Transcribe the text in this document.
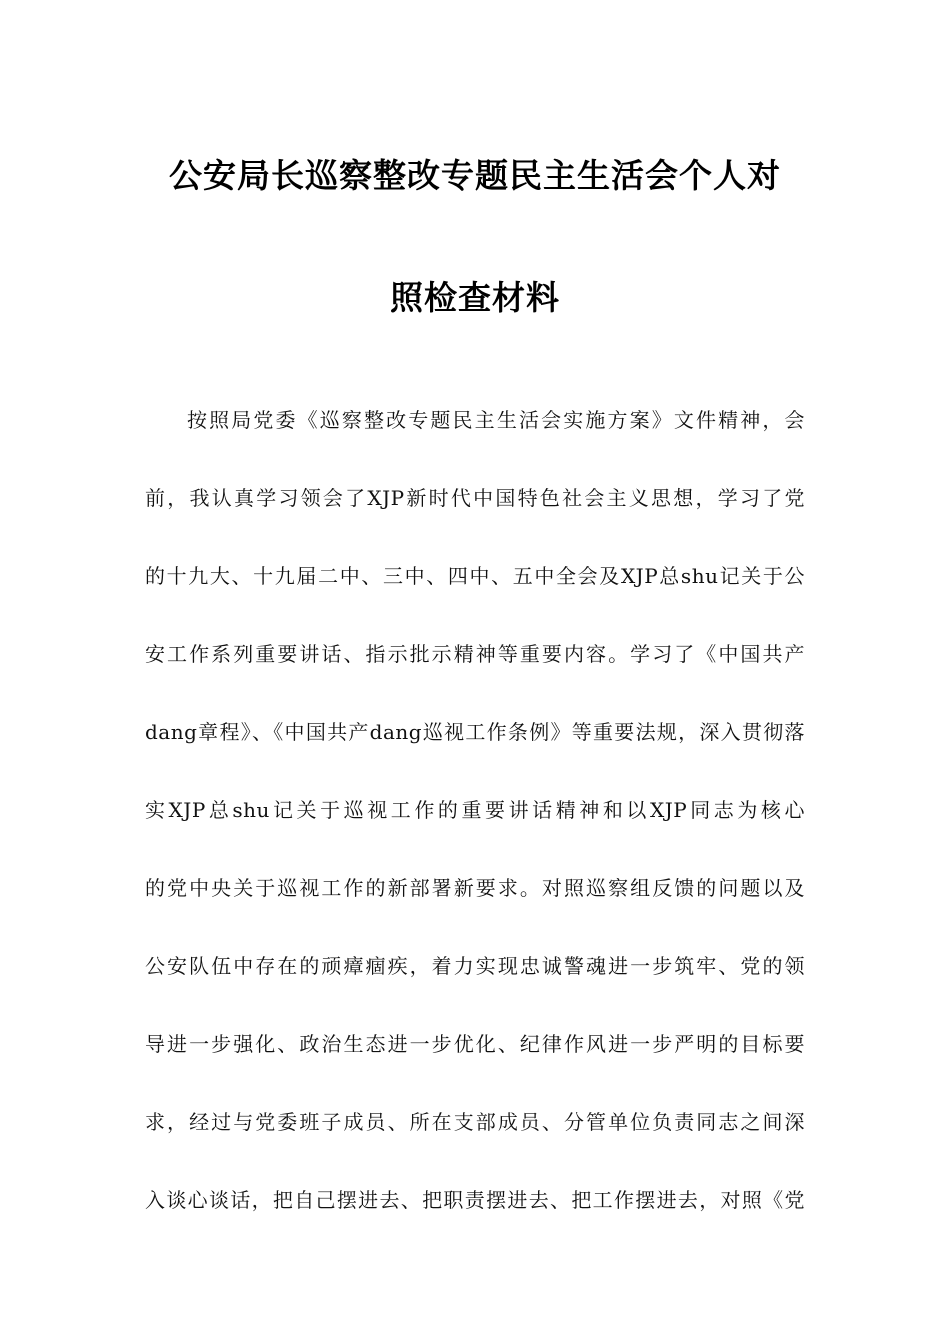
公安局长巡察整改专题民主生活会个人对
照检查材料
按照局党委《巡察整改专题民主生活会实施方案》文件精神，会
前，我认真学习领会了XJP新时代中国特色社会主义思想，学习了党
的十九大、十九届二中、三中、四中、五中全会及XJP总shu记关于公
安工作系列重要讲话、指示批示精神等重要内容。学习了《中国共产
dang章程》、《中国共产dang巡视工作条例》等重要法规，深入贯彻落
实XJP总shu记关于巡视工作的重要讲话精神和以XJP同志为核心
的党中央关于巡视工作的新部署新要求。对照巡察组反馈的问题以及
公安队伍中存在的顽瘴痼疾，着力实现忠诚警魂进一步筑牢、党的领
导进一步强化、政治生态进一步优化、纪律作风进一步严明的目标要
求，经过与党委班子成员、所在支部成员、分管单位负责同志之间深
入谈心谈话，把自己摆进去、把职责摆进去、把工作摆进去，对照《党
